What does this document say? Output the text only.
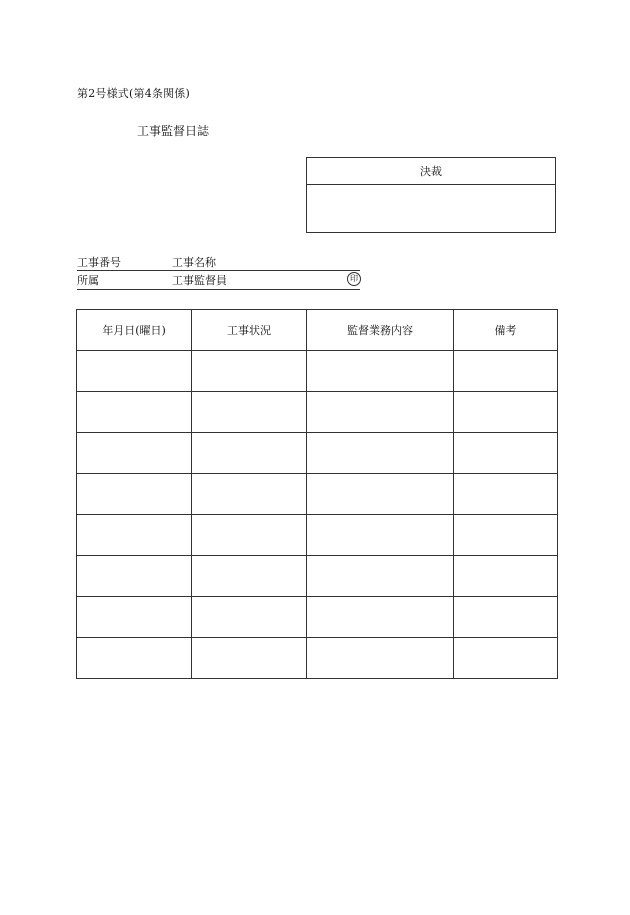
第2号様式(第4条関係)
工事監督日誌
決裁
工事番号	工事名称
所属	工事監督員	印
年月日(曜日)	工事状況	監督業務内容	備考
